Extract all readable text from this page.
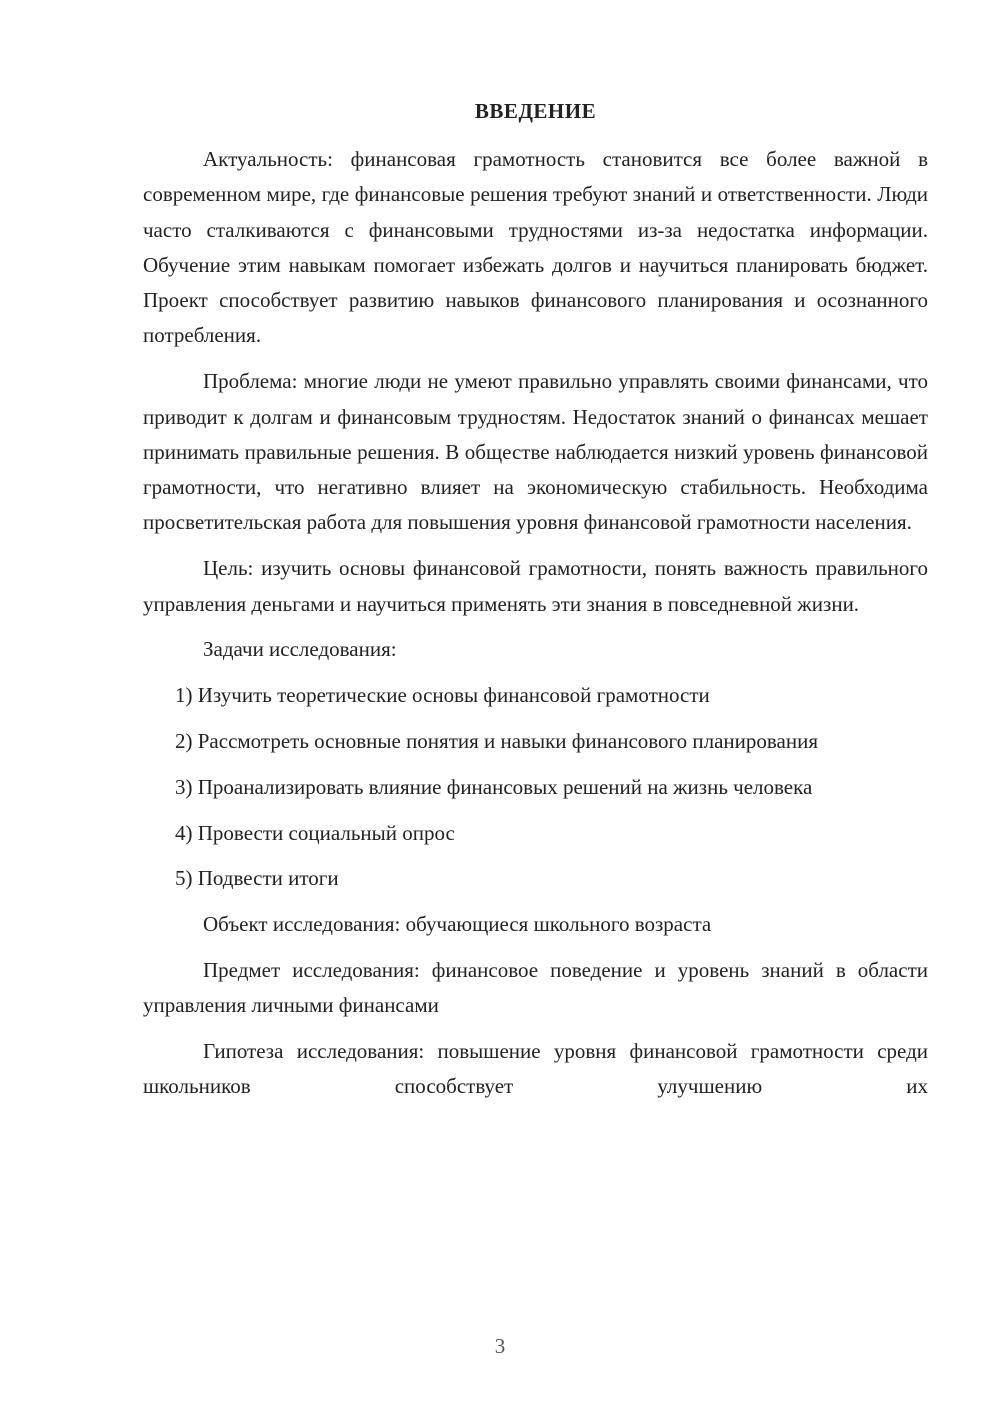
ВВЕДЕНИЕ

Актуальность: финансовая грамотность становится все более важной в современном мире, где финансовые решения требуют знаний и ответственности. Люди часто сталкиваются с финансовыми трудностями из-за недостатка информации. Обучение этим навыкам помогает избежать долгов и научиться планировать бюджет. Проект способствует развитию навыков финансового планирования и осознанного потребления.

Проблема: многие люди не умеют правильно управлять своими финансами, что приводит к долгам и финансовым трудностям. Недостаток знаний о финансах мешает принимать правильные решения. В обществе наблюдается низкий уровень финансовой грамотности, что негативно влияет на экономическую стабильность. Необходима просветительская работа для повышения уровня финансовой грамотности населения.

Цель: изучить основы финансовой грамотности, понять важность правильного управления деньгами и научиться применять эти знания в повседневной жизни.

Задачи исследования:

1) Изучить теоретические основы финансовой грамотности

2) Рассмотреть основные понятия и навыки финансового планирования

3) Проанализировать влияние финансовых решений на жизнь человека

4) Провести социальный опрос

5) Подвести итоги

Объект исследования: обучающиеся школьного возраста

Предмет исследования: финансовое поведение и уровень знаний в области управления личными финансами

Гипотеза исследования: повышение уровня финансовой грамотности среди школьников способствует улучшению их

3
